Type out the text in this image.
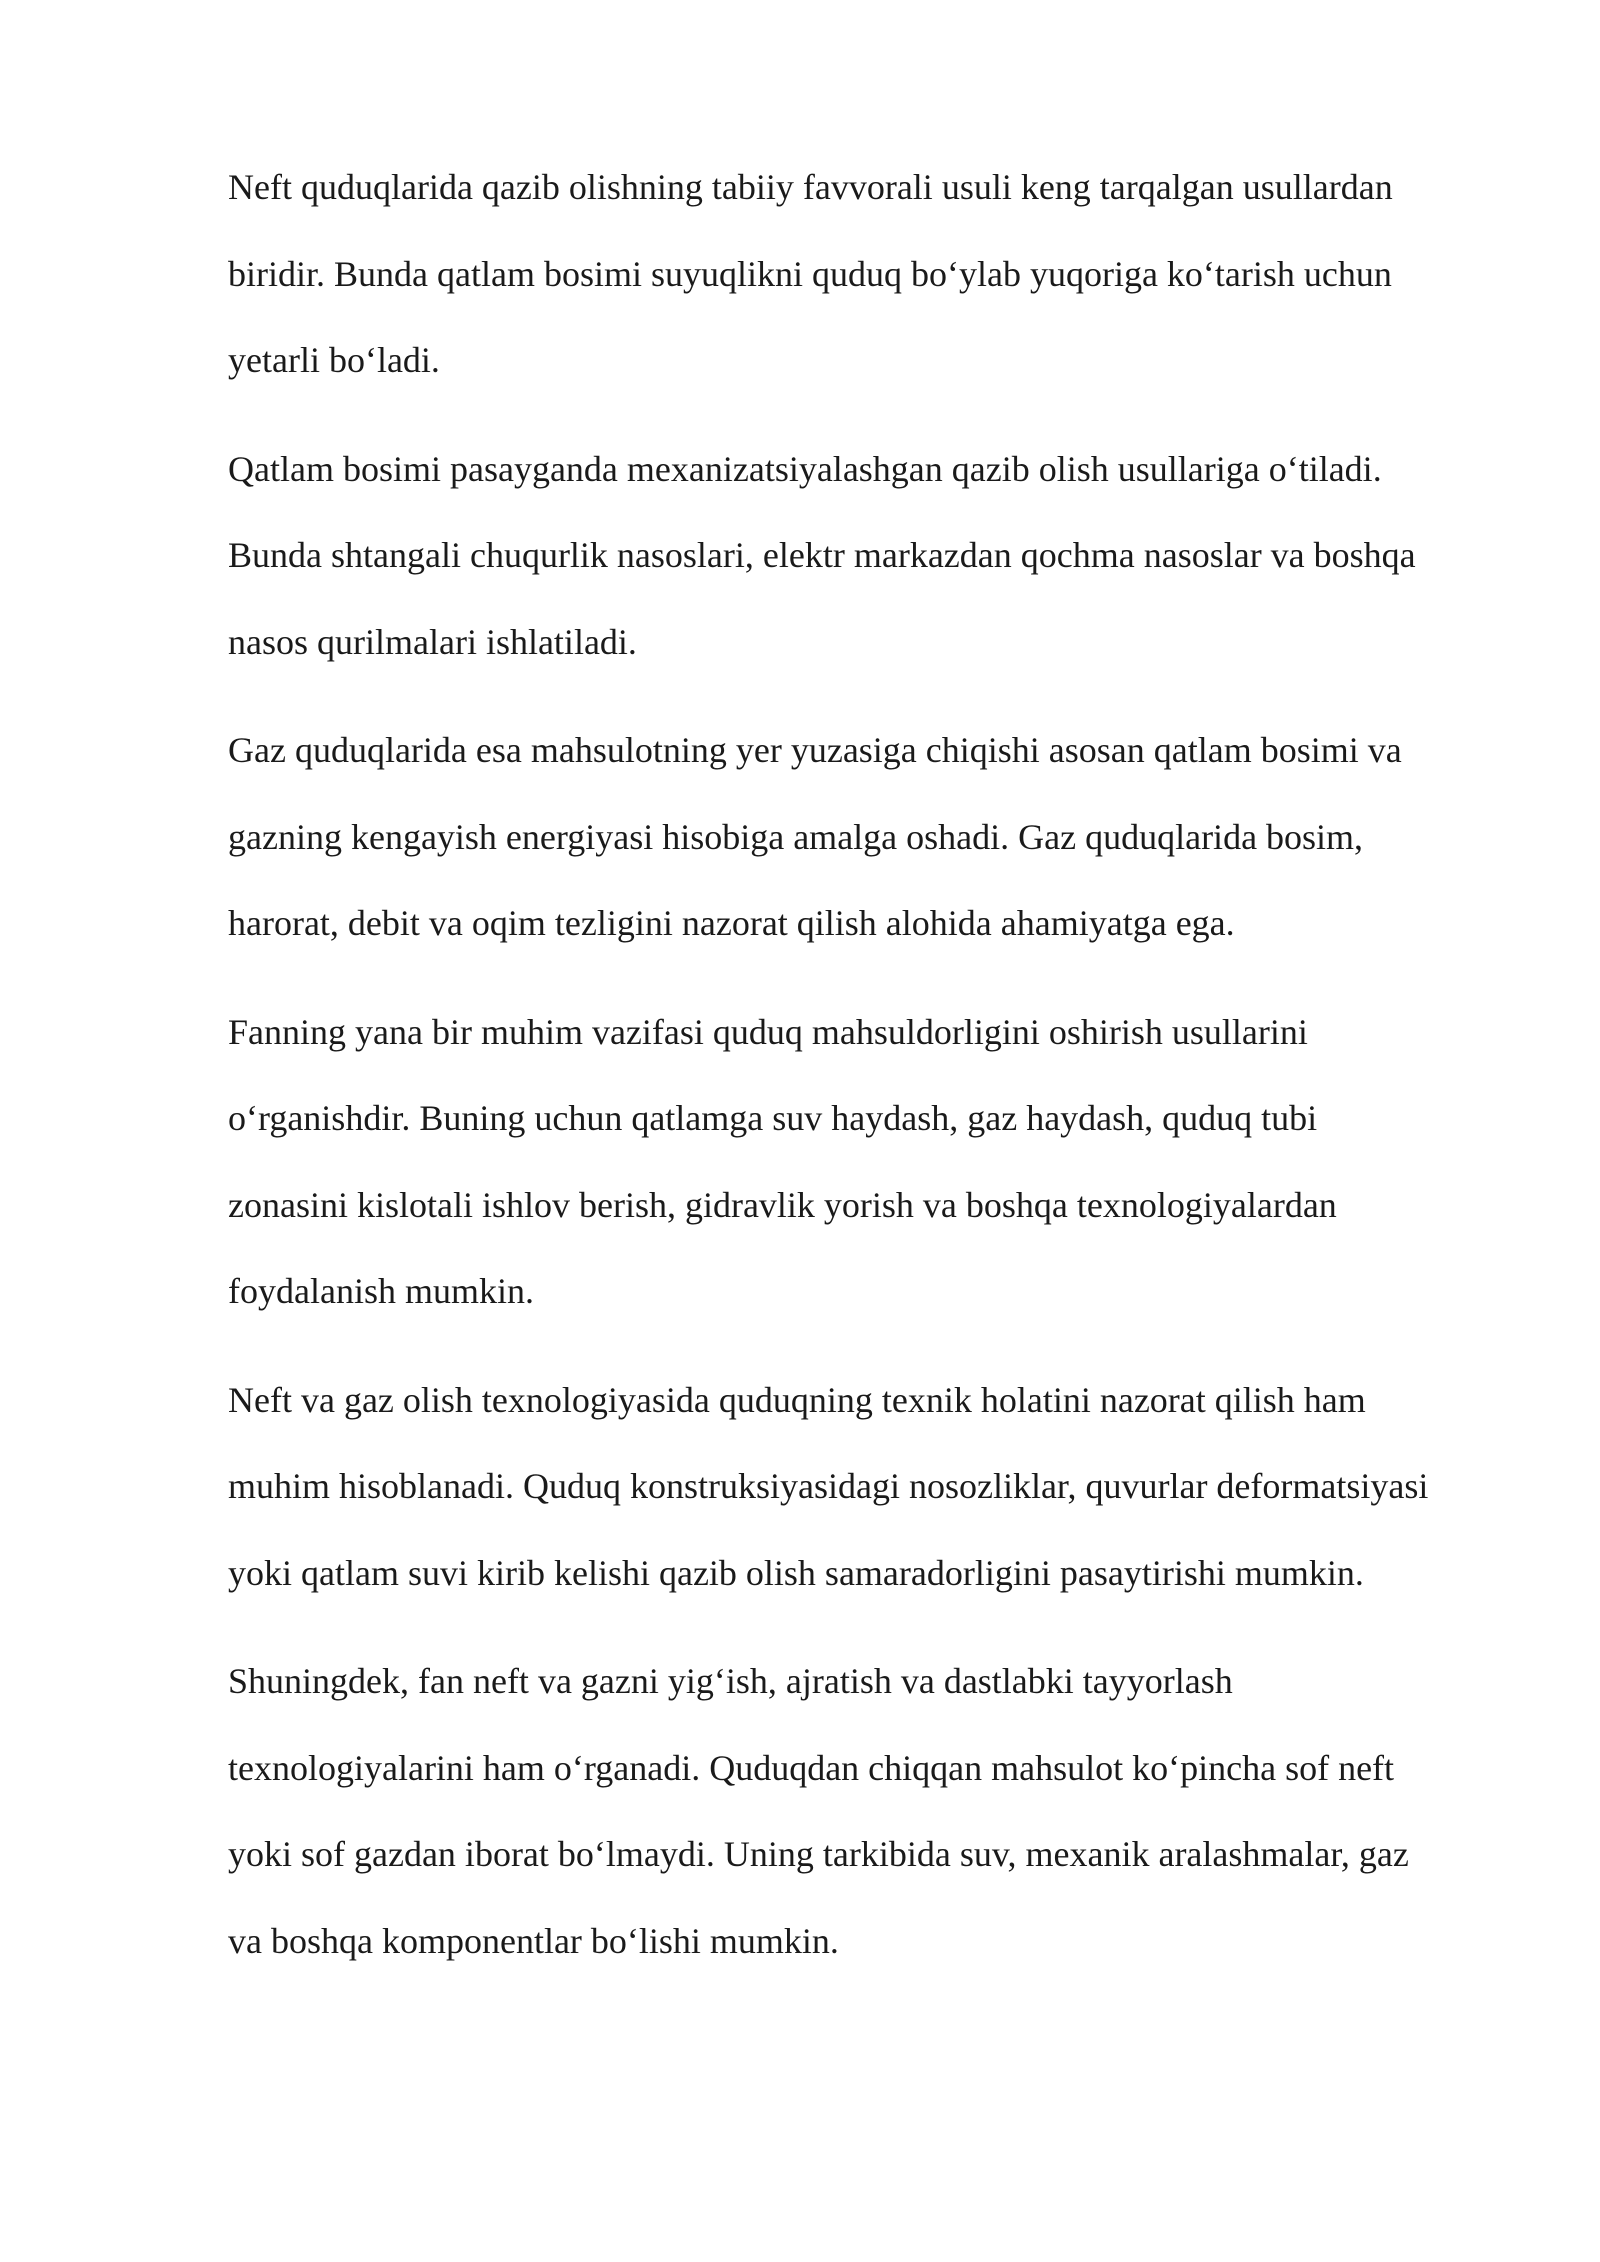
Neft quduqlarida qazib olishning tabiiy favvorali usuli keng tarqalgan usullardan
biridir. Bunda qatlam bosimi suyuqlikni quduq bo‘ylab yuqoriga ko‘tarish uchun
yetarli bo‘ladi.

Qatlam bosimi pasayganda mexanizatsiyalashgan qazib olish usullariga o‘tiladi.
Bunda shtangali chuqurlik nasoslari, elektr markazdan qochma nasoslar va boshqa
nasos qurilmalari ishlatiladi.

Gaz quduqlarida esa mahsulotning yer yuzasiga chiqishi asosan qatlam bosimi va
gazning kengayish energiyasi hisobiga amalga oshadi. Gaz quduqlarida bosim,
harorat, debit va oqim tezligini nazorat qilish alohida ahamiyatga ega.

Fanning yana bir muhim vazifasi quduq mahsuldorligini oshirish usullarini
o‘rganishdir. Buning uchun qatlamga suv haydash, gaz haydash, quduq tubi
zonasini kislotali ishlov berish, gidravlik yorish va boshqa texnologiyalardan
foydalanish mumkin.

Neft va gaz olish texnologiyasida quduqning texnik holatini nazorat qilish ham
muhim hisoblanadi. Quduq konstruksiyasidagi nosozliklar, quvurlar deformatsiyasi
yoki qatlam suvi kirib kelishi qazib olish samaradorligini pasaytirishi mumkin.

Shuningdek, fan neft va gazni yig‘ish, ajratish va dastlabki tayyorlash
texnologiyalarini ham o‘rganadi. Quduqdan chiqqan mahsulot ko‘pincha sof neft
yoki sof gazdan iborat bo‘lmaydi. Uning tarkibida suv, mexanik aralashmalar, gaz
va boshqa komponentlar bo‘lishi mumkin.
